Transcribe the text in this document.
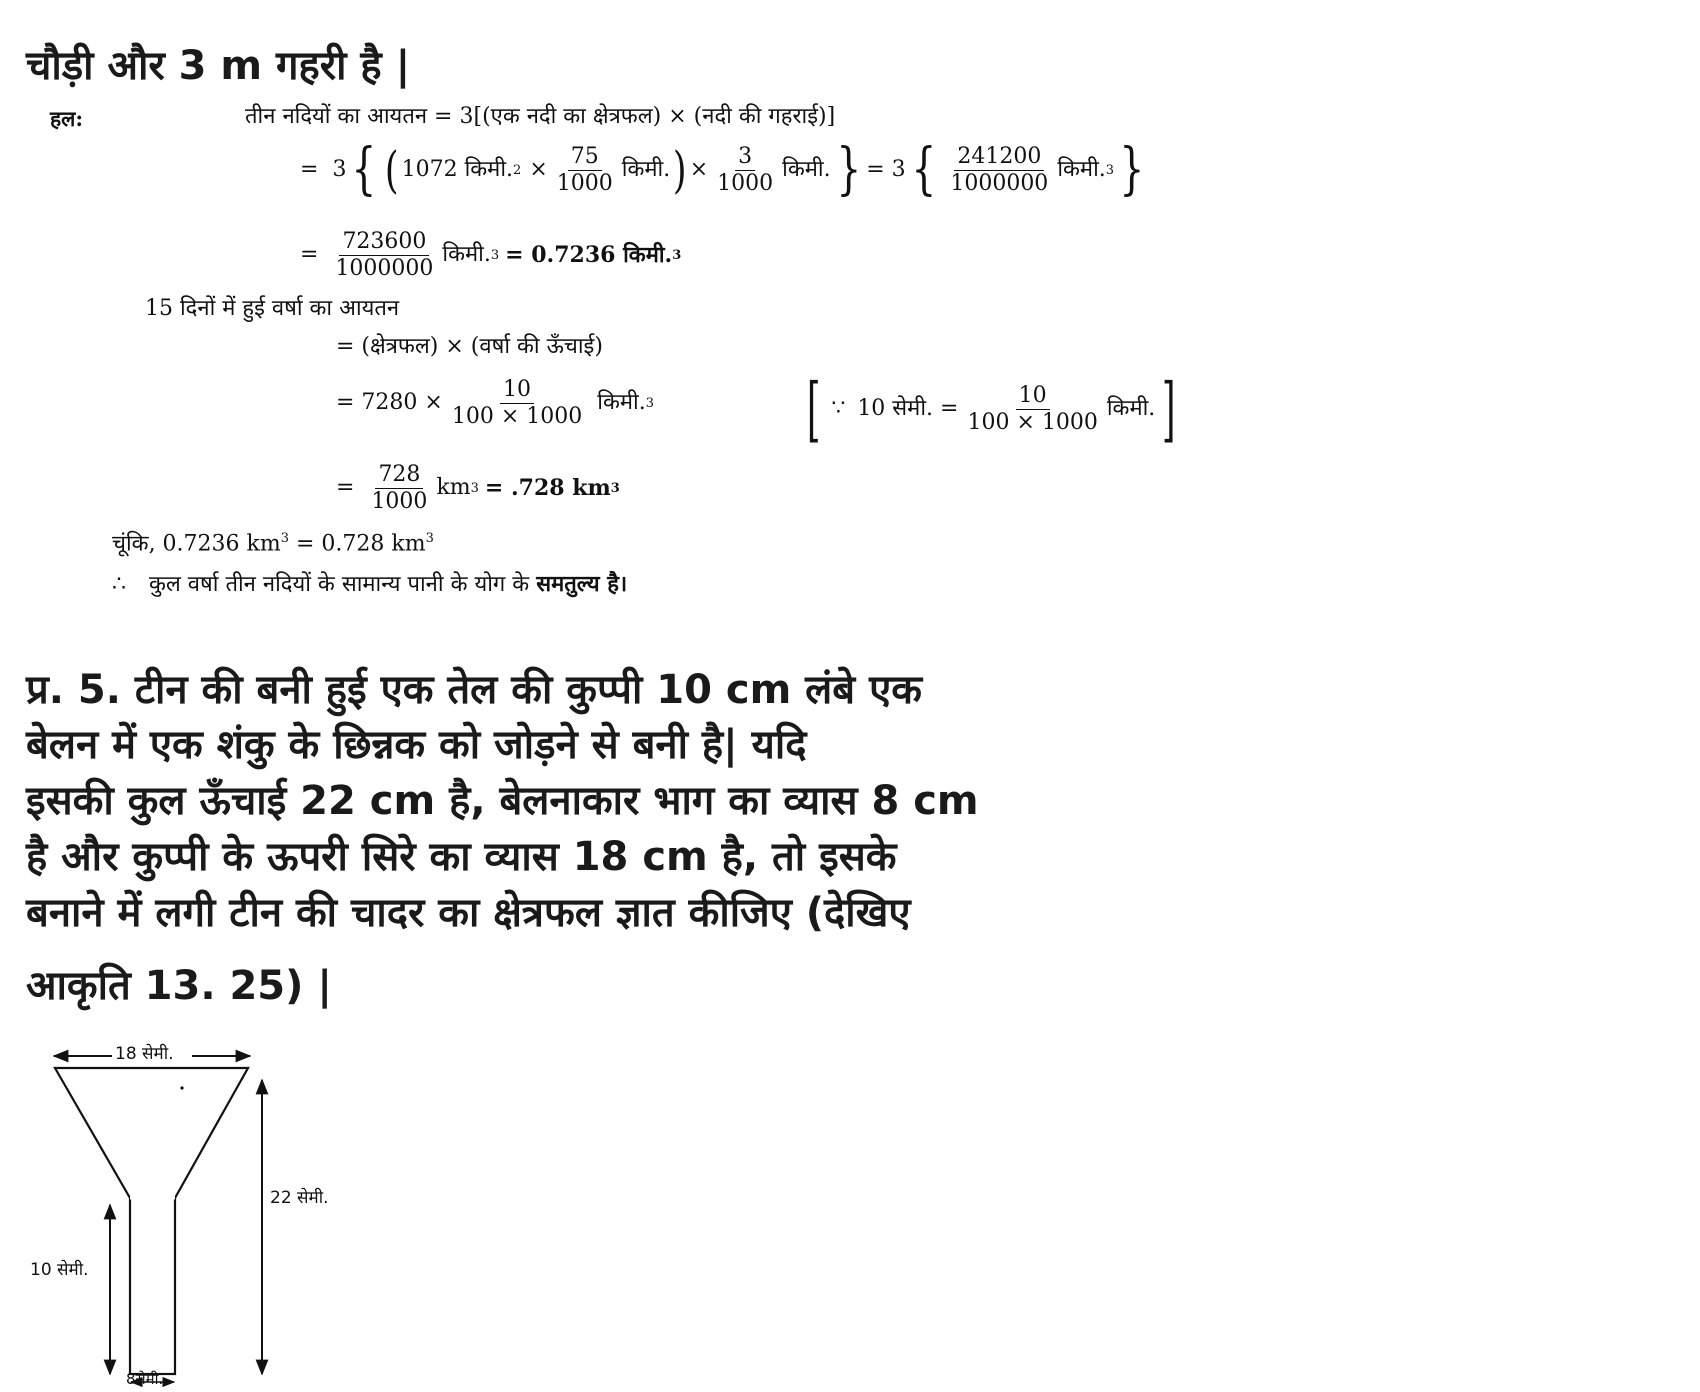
चौड़ी और 3 m गहरी है |
हल:	तीन नदियों का आयतन = 3[(एक नदी का क्षेत्रफल) × (नदी की गहराई)]
= 3 { ( 1072 किमी. $2 \times \frac{75}{1000}$ किमी. ) × $\frac{3}{1000}$ किमी. } = 3 { $\frac{241200}{1000000}$ किमी. 3 }
= $\frac{723600}{1000000}$ किमी. 3 = 0.7236 किमी. 3
15 दिनों में हुई वर्षा का आयतन
= (क्षेत्रफल) × (वर्षा की ऊँचाई)
= $7280 \times \frac{10}{100 \times 1000}$ किमी. 3 [ ∵ 10 सेमी. = $\frac{10}{100 \times 1000}$ किमी. ]
= $\frac{728}{1000}$ km 3 = .728 km 3
चूंकि, 0.7236 $km^3 = 0.728$ $km^3$
∴ कुल वर्षा तीन नदियों के सामान्य पानी के योग के समतुल्य है।
प्र. 5. टीन की बनी हुई एक तेल की कुप्पी 10 cm लंबे एक
बेलन में एक शंकु के छिन्नक को जोड़ने से बनी है| यदि
इसकी कुल ऊँचाई 22 cm है, बेलनाकार भाग का व्यास 8 cm
है और कुप्पी के ऊपरी सिरे का व्यास 18 cm है, तो इसके
बनाने में लगी टीन की चादर का क्षेत्रफल ज्ञात कीजिए (देखिए
आकृति 13. 25) |
18 सेमी.
22 सेमी.
10 सेमी.
8सेमी.
